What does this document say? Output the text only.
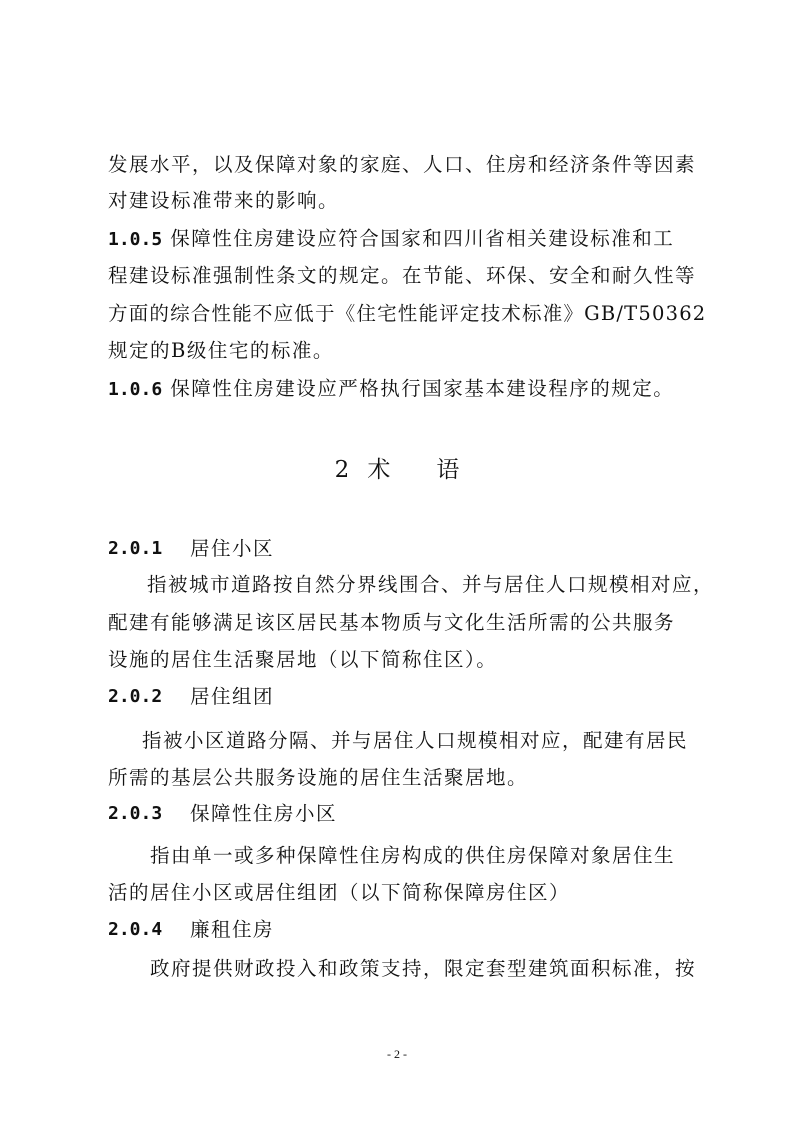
发展水平，以及保障对象的家庭、人口、住房和经济条件等因素
对建设标准带来的影响。
1.0.5 保障性住房建设应符合国家和四川省相关建设标准和工
程建设标准强制性条文的规定。在节能、环保、安全和耐久性等
方面的综合性能不应低于《住宅性能评定技术标准》GB/T50362
规定的B级住宅的标准。
1.0.6 保障性住房建设应严格执行国家基本建设程序的规定。
2 术 语
2.0.1 居住小区
指被城市道路按自然分界线围合、并与居住人口规模相对应，
配建有能够满足该区居民基本物质与文化生活所需的公共服务
设施的居住生活聚居地（以下简称住区）。
2.0.2 居住组团
指被小区道路分隔、并与居住人口规模相对应，配建有居民
所需的基层公共服务设施的居住生活聚居地。
2.0.3 保障性住房小区
指由单一或多种保障性住房构成的供住房保障对象居住生
活的居住小区或居住组团（以下简称保障房住区）
2.0.4 廉租住房
政府提供财政投入和政策支持，限定套型建筑面积标准，按
- 2 -
